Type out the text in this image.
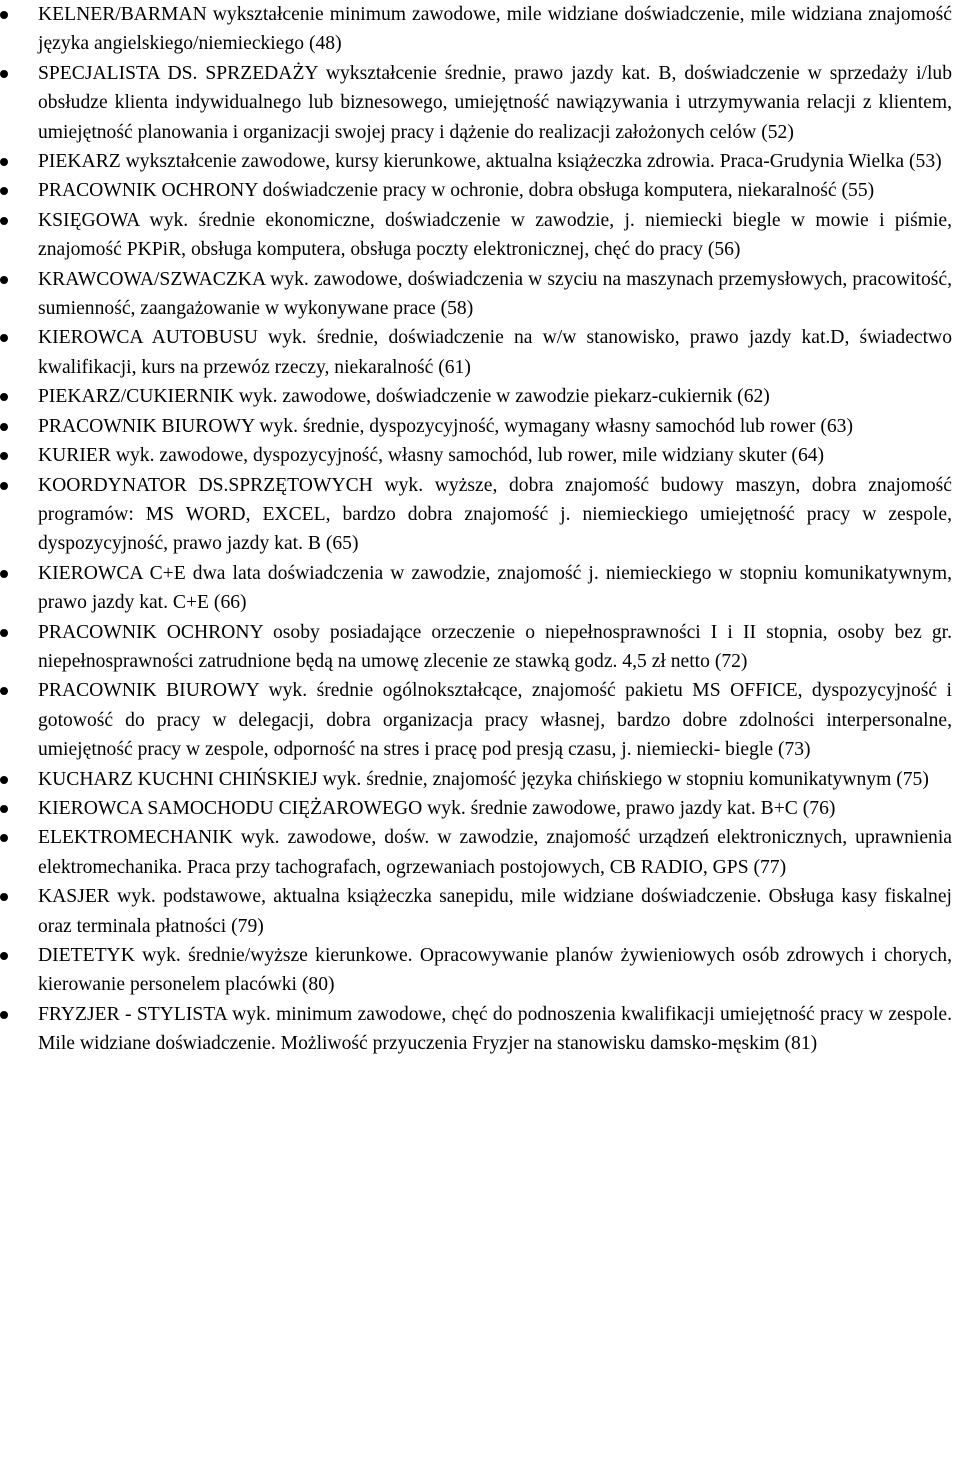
KELNER/BARMAN wykształcenie minimum zawodowe, mile widziane doświadczenie, mile widziana znajomość języka angielskiego/niemieckiego (48)
SPECJALISTA DS. SPRZEDAŻY wykształcenie średnie, prawo jazdy kat. B, doświadczenie w sprzedaży i/lub obsłudze klienta indywidualnego lub biznesowego, umiejętność nawiązywania i utrzymywania relacji z klientem, umiejętność planowania i organizacji swojej pracy i dążenie do realizacji założonych celów (52)
PIEKARZ wykształcenie zawodowe, kursy kierunkowe, aktualna książeczka zdrowia. Praca-Grudynia Wielka (53)
PRACOWNIK OCHRONY doświadczenie pracy w ochronie, dobra obsługa komputera, niekaralność (55)
KSIĘGOWA wyk. średnie ekonomiczne, doświadczenie w zawodzie, j. niemiecki biegle w mowie i piśmie, znajomość PKPiR, obsługa komputera, obsługa poczty elektronicznej, chęć do pracy (56)
KRAWCOWA/SZWACZKA wyk. zawodowe, doświadczenia w szyciu na maszynach przemysłowych, pracowitość, sumienność, zaangażowanie w wykonywane prace (58)
KIEROWCA AUTOBUSU wyk. średnie, doświadczenie na w/w stanowisko, prawo jazdy kat.D, świadectwo kwalifikacji, kurs na przewóz rzeczy, niekaralność (61)
PIEKARZ/CUKIERNIK wyk. zawodowe, doświadczenie w zawodzie piekarz-cukiernik (62)
PRACOWNIK BIUROWY wyk. średnie, dyspozycyjność, wymagany własny samochód lub rower (63)
KURIER wyk. zawodowe, dyspozycyjność, własny samochód, lub rower, mile widziany skuter (64)
KOORDYNATOR DS.SPRZĘTOWYCH wyk. wyższe, dobra znajomość budowy maszyn, dobra znajomość programów: MS WORD, EXCEL, bardzo dobra znajomość j. niemieckiego umiejętność pracy w zespole, dyspozycyjność, prawo jazdy kat. B (65)
KIEROWCA C+E dwa lata doświadczenia w zawodzie, znajomość j. niemieckiego w stopniu komunikatywnym, prawo jazdy kat. C+E (66)
PRACOWNIK OCHRONY osoby posiadające orzeczenie o niepełnosprawności I i II stopnia, osoby bez gr. niepełnosprawności zatrudnione będą na umowę zlecenie ze stawką godz. 4,5 zł netto (72)
PRACOWNIK BIUROWY wyk. średnie ogólnokształcące, znajomość pakietu MS OFFICE, dyspozycyjność i gotowość do pracy w delegacji, dobra organizacja pracy własnej, bardzo dobre zdolności interpersonalne, umiejętność pracy w zespole, odporność na stres i pracę pod presją czasu, j. niemiecki- biegle (73)
KUCHARZ KUCHNI CHIŃSKIEJ wyk. średnie, znajomość języka chińskiego w stopniu komunikatywnym (75)
KIEROWCA SAMOCHODU CIĘŻAROWEGO wyk. średnie zawodowe, prawo jazdy kat. B+C (76)
ELEKTROMECHANIK wyk. zawodowe, dośw. w zawodzie, znajomość urządzeń elektronicznych, uprawnienia elektromechanika. Praca przy tachografach, ogrzewaniach postojowych, CB RADIO, GPS (77)
KASJER wyk. podstawowe, aktualna książeczka sanepidu, mile widziane doświadczenie. Obsługa kasy fiskalnej oraz terminala płatności (79)
DIETETYK wyk. średnie/wyższe kierunkowe. Opracowywanie planów żywieniowych osób zdrowych i chorych, kierowanie personelem placówki (80)
FRYZJER - STYLISTA wyk. minimum zawodowe, chęć do podnoszenia kwalifikacji umiejętność pracy w zespole. Mile widziane doświadczenie. Możliwość przyuczenia Fryzjer na stanowisku damsko-męskim (81)
